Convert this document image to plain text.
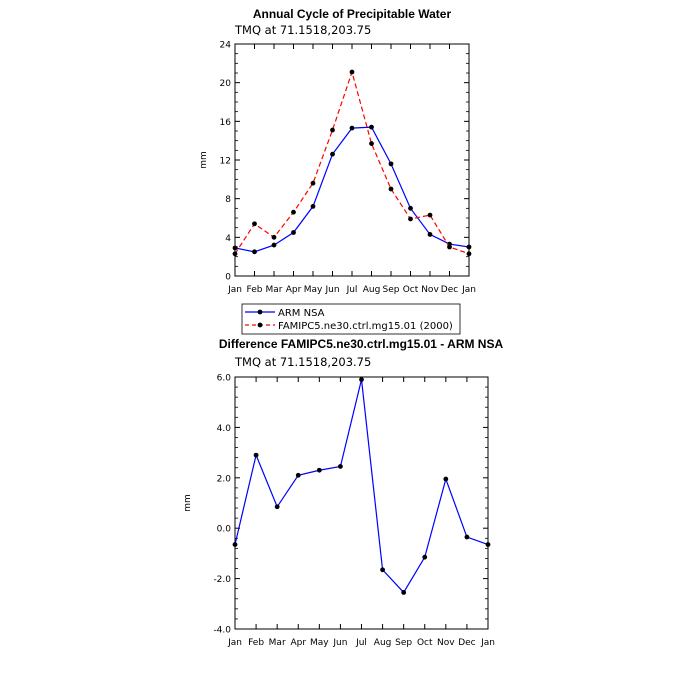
Annual Cycle of Precipitable Water
TMQ at 71.1518,203.75
0
4
8
12
16
20
24
Jan Feb Mar Apr May Jun Jul Aug Sep Oct Nov Dec Jan
mm
ARM NSA
FAMIPC5.ne30.ctrl.mg15.01 (2000)
Difference FAMIPC5.ne30.ctrl.mg15.01 - ARM NSA
TMQ at 71.1518,203.75
-4.0
-2.0
0.0
2.0
4.0
6.0
Jan Feb Mar Apr May Jun Jul Aug Sep Oct Nov Dec Jan
mm
